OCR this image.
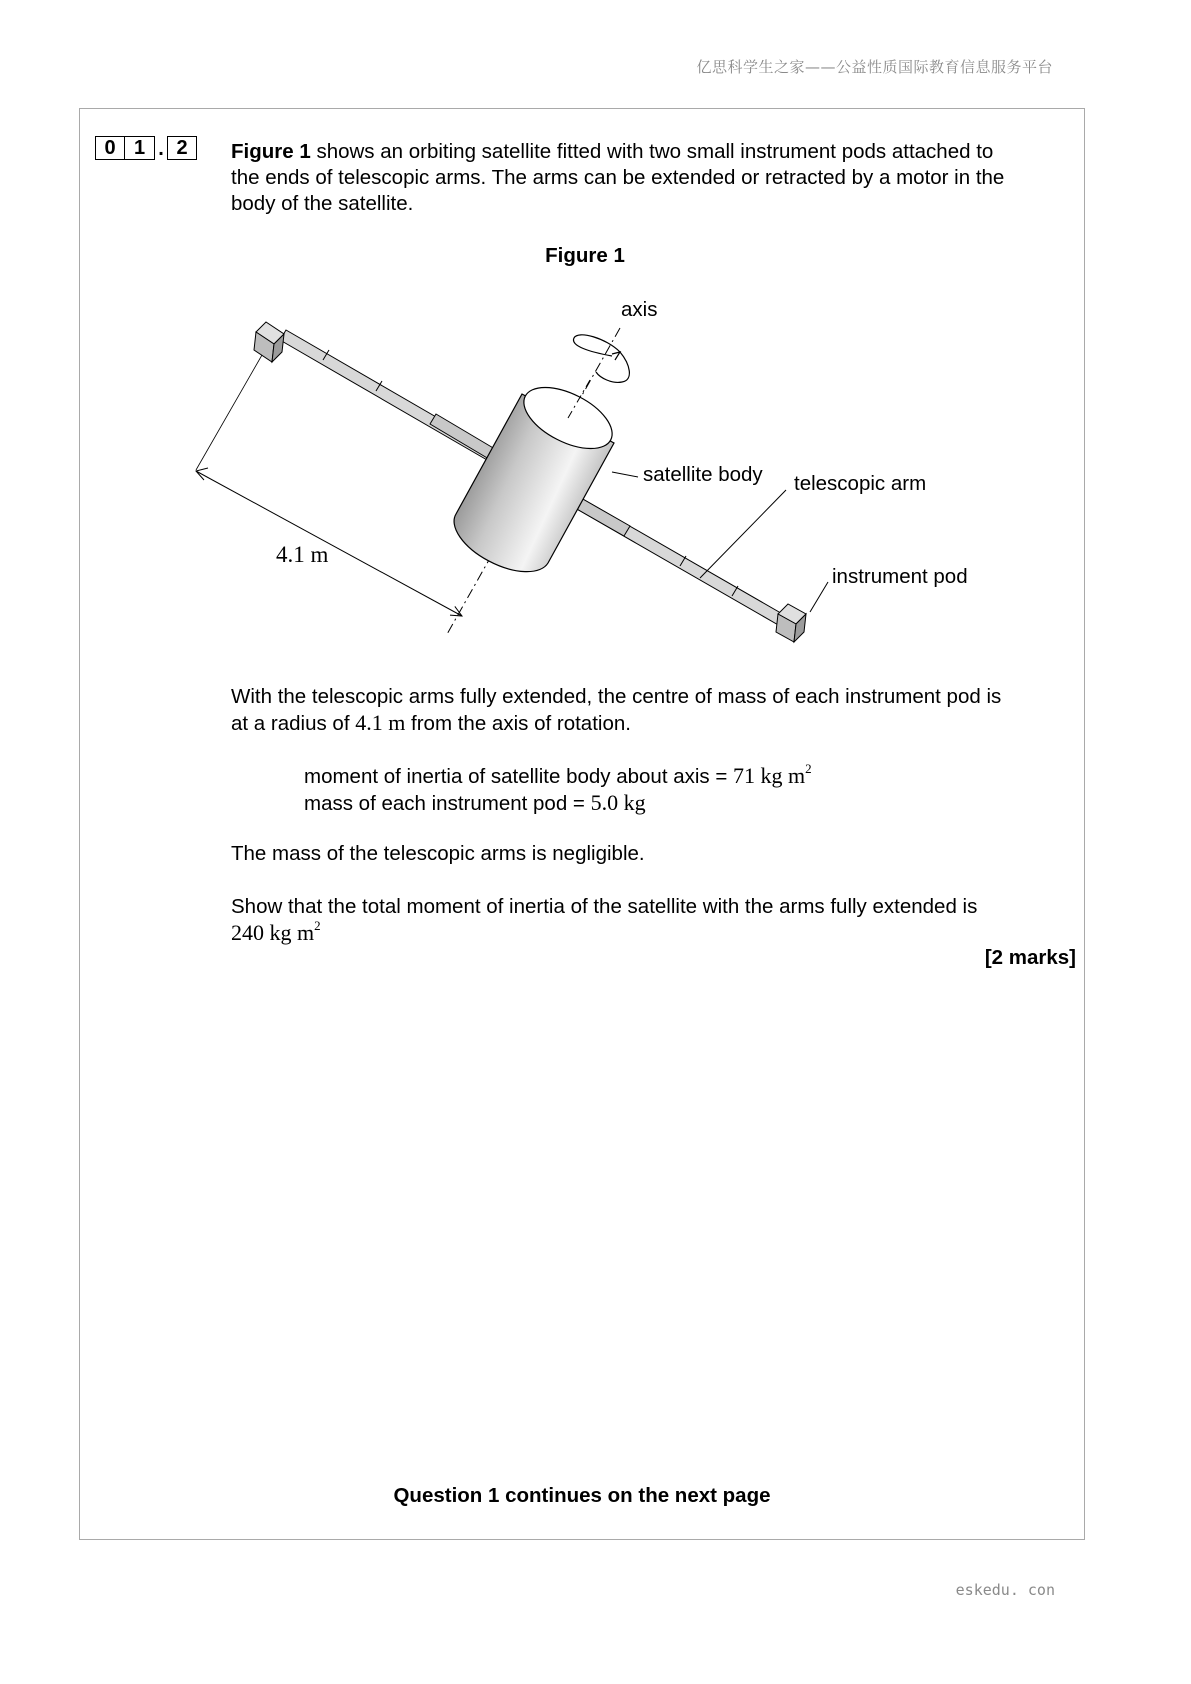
亿思科学生之家——公益性质国际教育信息服务平台
0 1 . 2	Figure 1 shows an orbiting satellite fitted with two small instrument pods attached to
the ends of telescopic arms. The arms can be extended or retracted by a motor in the
body of the satellite.
Figure 1
axis
satellite body telescopic arm
instrument pod
4.1 m
With the telescopic arms fully extended, the centre of mass of each instrument pod is
at a radius of 4.1 m from the axis of rotation.
moment of inertia of satellite body about axis = 71 kg $m^2$
mass of each instrument pod = 5.0 kg
The mass of the telescopic arms is negligible.
Show that the total moment of inertia of the satellite with the arms fully extended is
240 kg $m^2$
[2 marks]
Question 1 continues on the next page
eskedu. con
